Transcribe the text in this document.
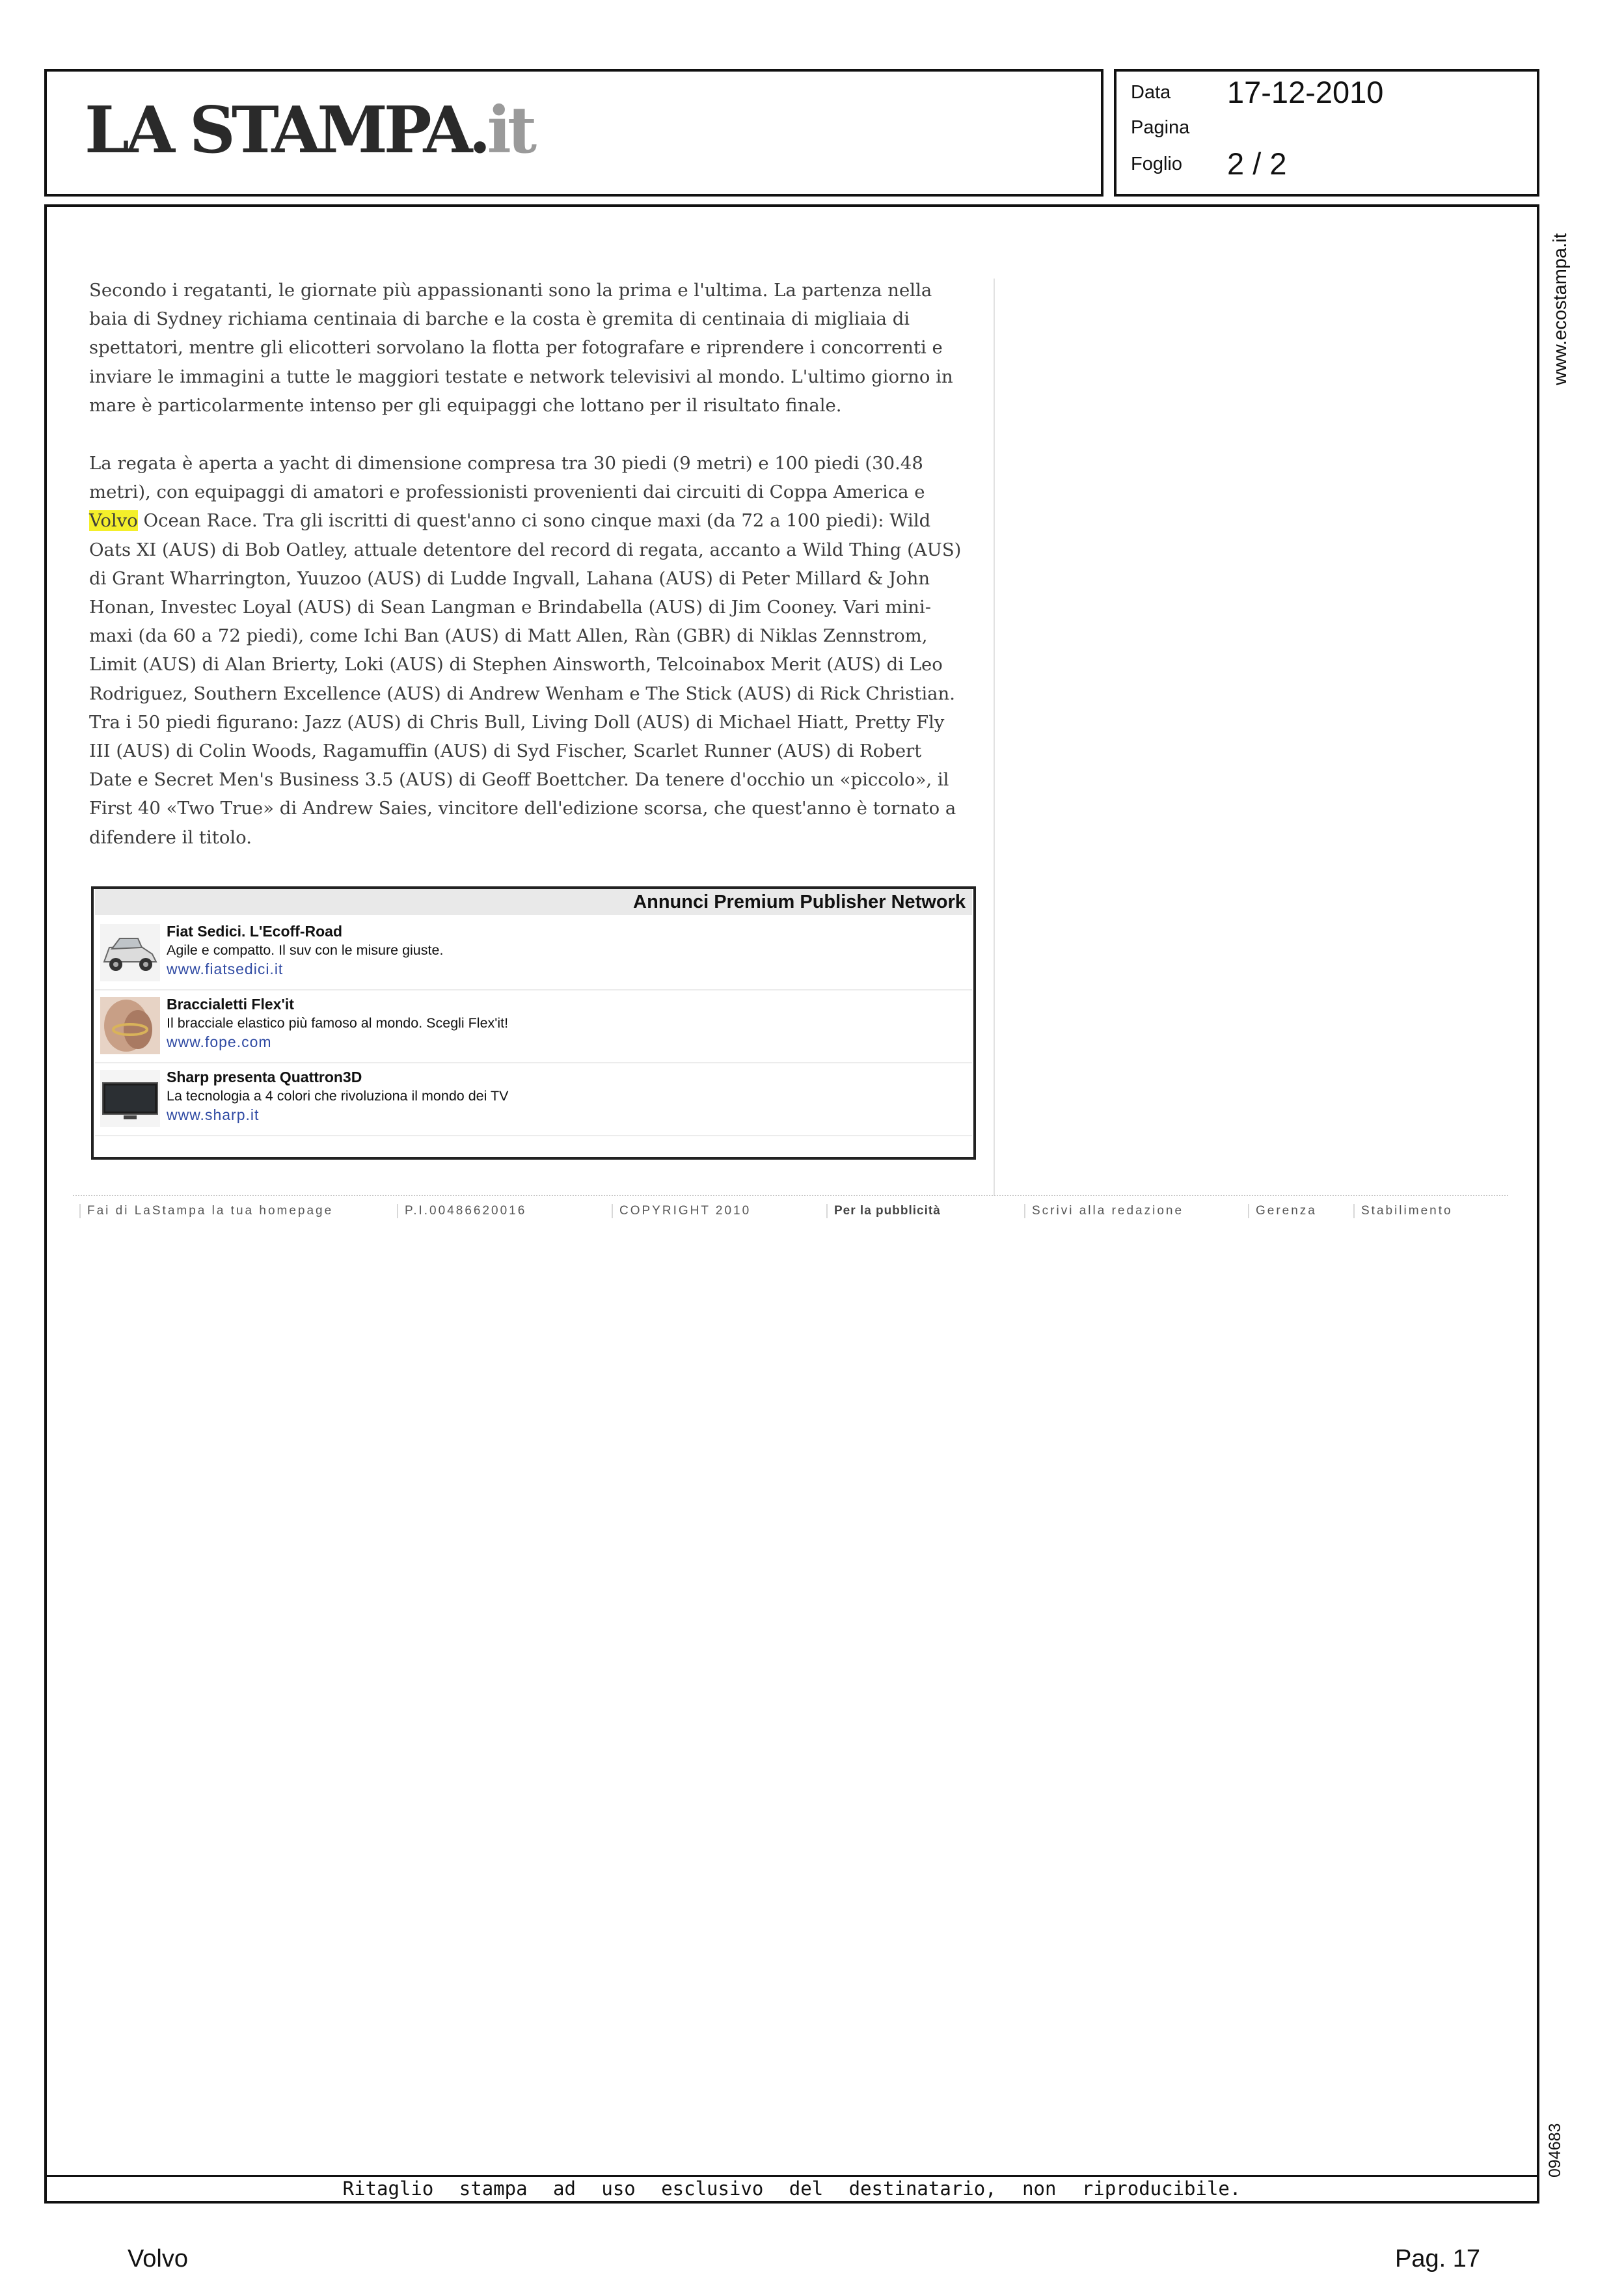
LA STAMPA.it
Data 17-12-2010
Pagina
Foglio 2 / 2
www.ecostampa.it
094683

Secondo i regatanti, le giornate più appassionanti sono la prima e l'ultima. La partenza nella baia di Sydney richiama centinaia di barche e la costa è gremita di centinaia di migliaia di spettatori, mentre gli elicotteri sorvolano la flotta per fotografare e riprendere i concorrenti e inviare le immagini a tutte le maggiori testate e network televisivi al mondo. L'ultimo giorno in mare è particolarmente intenso per gli equipaggi che lottano per il risultato finale.

La regata è aperta a yacht di dimensione compresa tra 30 piedi (9 metri) e 100 piedi (30.48 metri), con equipaggi di amatori e professionisti provenienti dai circuiti di Coppa America e Volvo Ocean Race. Tra gli iscritti di quest'anno ci sono cinque maxi (da 72 a 100 piedi): Wild Oats XI (AUS) di Bob Oatley, attuale detentore del record di regata, accanto a Wild Thing (AUS) di Grant Wharrington, Yuuzoo (AUS) di Ludde Ingvall, Lahana (AUS) di Peter Millard & John Honan, Investec Loyal (AUS) di Sean Langman e Brindabella (AUS) di Jim Cooney. Vari mini-maxi (da 60 a 72 piedi), come Ichi Ban (AUS) di Matt Allen, Ràn (GBR) di Niklas Zennstrom, Limit (AUS) di Alan Brierty, Loki (AUS) di Stephen Ainsworth, Telcoinabox Merit (AUS) di Leo Rodriguez, Southern Excellence (AUS) di Andrew Wenham e The Stick (AUS) di Rick Christian. Tra i 50 piedi figurano: Jazz (AUS) di Chris Bull, Living Doll (AUS) di Michael Hiatt, Pretty Fly III (AUS) di Colin Woods, Ragamuffin (AUS) di Syd Fischer, Scarlet Runner (AUS) di Robert Date e Secret Men's Business 3.5 (AUS) di Geoff Boettcher. Da tenere d'occhio un «piccolo», il First 40 «Two True» di Andrew Saies, vincitore dell'edizione scorsa, che quest'anno è tornato a difendere il titolo.

Annunci Premium Publisher Network
Fiat Sedici. L'Ecoff-Road
Agile e compatto. Il suv con le misure giuste.
www.fiatsedici.it
Braccialetti Flex'it
Il bracciale elastico più famoso al mondo. Scegli Flex'it!
www.fope.com
Sharp presenta Quattron3D
La tecnologia a 4 colori che rivoluziona il mondo dei TV
www.sharp.it
Fai di LaStampa la tua homepage	P.I.00486620016	COPYRIGHT 2010	Per la pubblicità	Scrivi alla redazione	Gerenza	Stabilimento
Ritaglio stampa ad uso esclusivo del destinatario, non riproducibile.
Volvo	Pag. 17
